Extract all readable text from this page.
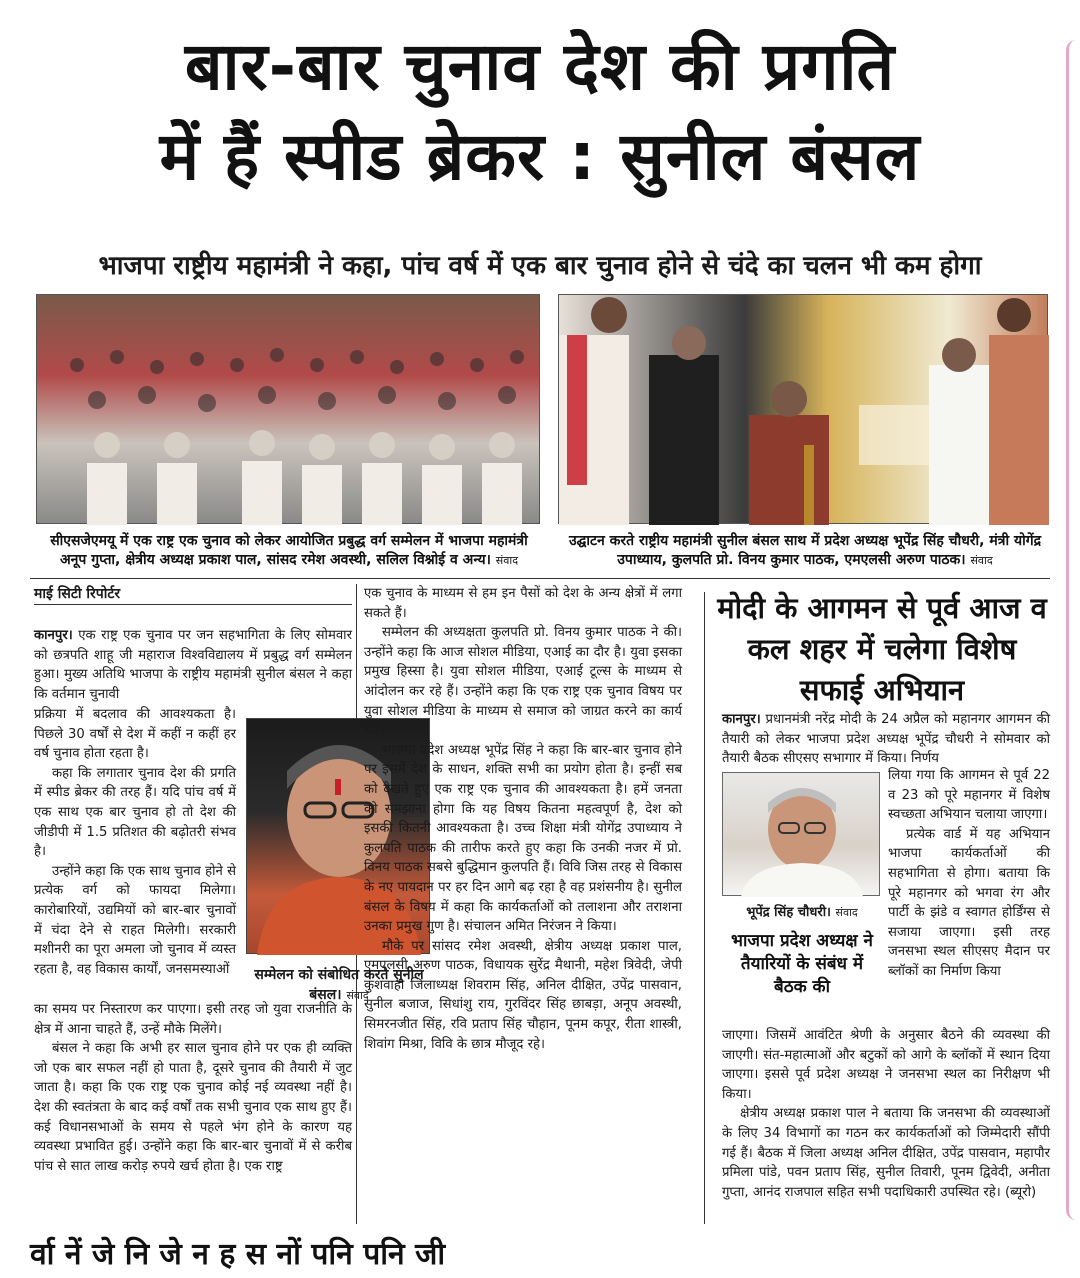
बार-बार चुनाव देश की प्रगति
में हैं स्पीड ब्रेकर : सुनील बंसल
भाजपा राष्ट्रीय महामंत्री ने कहा, पांच वर्ष में एक बार चुनाव होने से चंदे का चलन भी कम होगा
सीएसजेएमयू में एक राष्ट्र एक चुनाव को लेकर आयोजित प्रबुद्ध वर्ग सम्मेलन में भाजपा महामंत्री अनूप गुप्ता, क्षेत्रीय अध्यक्ष प्रकाश पाल, सांसद रमेश अवस्थी, सलिल विश्नोई व अन्य। संवाद
उद्घाटन करते राष्ट्रीय महामंत्री सुनील बंसल साथ में प्रदेश अध्यक्ष भूपेंद्र सिंह चौधरी, मंत्री योगेंद्र उपाध्याय, कुलपति प्रो. विनय कुमार पाठक, एमएलसी अरुण पाठक। संवाद
माई सिटी रिपोर्टर

कानपुर। एक राष्ट्र एक चुनाव पर जन सहभागिता के लिए सोमवार को छत्रपति शाहू जी महाराज विश्वविद्यालय में प्रबुद्ध वर्ग सम्मेलन हुआ। मुख्य अतिथि भाजपा के राष्ट्रीय महामंत्री सुनील बंसल ने कहा कि वर्तमान चुनावी

प्रक्रिया में बदलाव की आवश्यकता है। पिछले 30 वर्षों से देश में कहीं न कहीं हर वर्ष चुनाव होता रहता है।

कहा कि लगातार चुनाव देश की प्रगति में स्पीड ब्रेकर की तरह हैं। यदि पांच वर्ष में एक साथ एक बार चुनाव हो तो देश की जीडीपी में 1.5 प्रतिशत की बढ़ोतरी संभव है।

उन्होंने कहा कि एक साथ चुनाव होने से प्रत्येक वर्ग को फायदा मिलेगा। कारोबारियों, उद्यमियों को बार-बार चुनावों में चंदा देने से राहत मिलेगी। सरकारी मशीनरी का पूरा अमला जो चुनाव में व्यस्त रहता है, वह विकास कार्यों, जनसमस्याओं	सम्मेलन को संबोधित करते सुनील बंसल। संवाद

का समय पर निस्तारण कर पाएगा। इसी तरह जो युवा राजनीति के क्षेत्र में आना चाहते हैं, उन्हें मौके मिलेंगे।

बंसल ने कहा कि अभी हर साल चुनाव होने पर एक ही व्यक्ति जो एक बार सफल नहीं हो पाता है, दूसरे चुनाव की तैयारी में जुट जाता है। कहा कि एक राष्ट्र एक चुनाव कोई नई व्यवस्था नहीं है। देश की स्वतंत्रता के बाद कई वर्षों तक सभी चुनाव एक साथ हुए हैं। कई विधानसभाओं के समय से पहले भंग होने के कारण यह व्यवस्था प्रभावित हुई। उन्होंने कहा कि बार-बार चुनावों में से करीब पांच से सात लाख करोड़ रुपये खर्च होता है। एक राष्ट्र

एक चुनाव के माध्यम से हम इन पैसों को देश के अन्य क्षेत्रों में लगा सकते हैं।

सम्मेलन की अध्यक्षता कुलपति प्रो. विनय कुमार पाठक ने की। उन्होंने कहा कि आज सोशल मीडिया, एआई का दौर है। युवा इसका प्रमुख हिस्सा है। युवा सोशल मीडिया, एआई टूल्स के माध्यम से आंदोलन कर रहे हैं। उन्होंने कहा कि एक राष्ट्र एक चुनाव विषय पर युवा सोशल मीडिया के माध्यम से समाज को जाग्रत करने का कार्य करें।

भाजपा प्रदेश अध्यक्ष भूपेंद्र सिंह ने कहा कि बार-बार चुनाव होने पर इसमें देश के साधन, शक्ति सभी का प्रयोग होता है। इन्हीं सब को देखते हुए एक राष्ट्र एक चुनाव की आवश्यकता है। हमें जनता को समझाना होगा कि यह विषय कितना महत्वपूर्ण है, देश को इसकी कितनी आवश्यकता है। उच्च शिक्षा मंत्री योगेंद्र उपाध्याय ने कुलपति पाठक की तारीफ करते हुए कहा कि उनकी नजर में प्रो. विनय पाठक सबसे बुद्धिमान कुलपति हैं। विवि जिस तरह से विकास के नए पायदान पर हर दिन आगे बढ़ रहा है वह प्रशंसनीय है। सुनील बंसल के विषय में कहा कि कार्यकर्ताओं को तलाशना और तराशना उनका प्रमुख गुण है। संचालन अमित निरंजन ने किया।

मौके पर सांसद रमेश अवस्थी, क्षेत्रीय अध्यक्ष प्रकाश पाल, एमएलसी अरुण पाठक, विधायक सुरेंद्र मैथानी, महेश त्रिवेदी, जेपी कुशवाहा जिलाध्यक्ष शिवराम सिंह, अनिल दीक्षित, उपेंद्र पासवान, सुनील बजाज, सिधांशु राय, गुरविंदर सिंह छाबड़ा, अनूप अवस्थी, सिमरनजीत सिंह, रवि प्रताप सिंह चौहान, पूनम कपूर, रीता शास्त्री, शिवांग मिश्रा, विवि के छात्र मौजूद रहे।

मोदी के आगमन से पूर्व आज व कल शहर में चलेगा विशेष सफाई अभियान

कानपुर। प्रधानमंत्री नरेंद्र मोदी के 24 अप्रैल को महानगर आगमन की तैयारी को लेकर भाजपा प्रदेश अध्यक्ष भूपेंद्र चौधरी ने सोमवार को तैयारी बैठक सीएसए सभागार में किया। निर्णय

भूपेंद्र सिंह चौधरी। संवाद
भाजपा प्रदेश अध्यक्ष ने तैयारियों के संबंध में बैठक की

लिया गया कि आगमन से पूर्व 22 व 23 को पूरे महानगर में विशेष स्वच्छता अभियान चलाया जाएगा।

प्रत्येक वार्ड में यह अभियान भाजपा कार्यकर्ताओं की सहभागिता से होगा। बताया कि पूरे महानगर को भगवा रंग और पार्टी के झंडे व स्वागत होर्डिंग्स से सजाया जाएगा। इसी तरह जनसभा स्थल सीएसए मैदान पर ब्लॉकों का निर्माण किया

जाएगा। जिसमें आवंटित श्रेणी के अनुसार बैठने की व्यवस्था की जाएगी। संत-महात्माओं और बटुकों को आगे के ब्लॉकों में स्थान दिया जाएगा। इससे पूर्व प्रदेश अध्यक्ष ने जनसभा स्थल का निरीक्षण भी किया।

क्षेत्रीय अध्यक्ष प्रकाश पाल ने बताया कि जनसभा की व्यवस्थाओं के लिए 34 विभागों का गठन कर कार्यकर्ताओं को जिम्मेदारी सौंपी गई हैं। बैठक में जिला अध्यक्ष अनिल दीक्षित, उपेंद्र पासवान, महापौर प्रमिला पांडे, पवन प्रताप सिंह, सुनील तिवारी, पूनम द्विवेदी, अनीता गुप्ता, आनंद राजपाल सहित सभी पदाधिकारी उपस्थित रहे। (ब्यूरो)

र्वा नें जे नि जे न ह स नों पनि पनि जी
